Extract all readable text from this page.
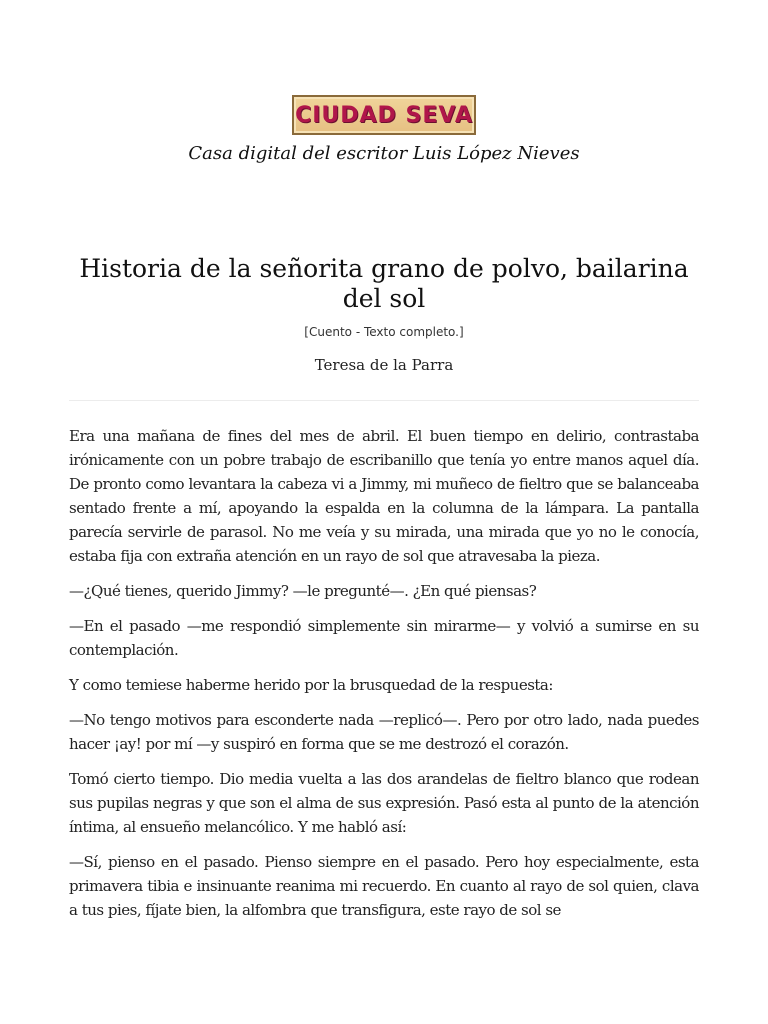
CIUDAD SEVA
Casa digital del escritor Luis López Nieves
Historia de la señorita grano de polvo, bailarina del sol
[Cuento - Texto completo.]
Teresa de la Parra

Era una mañana de fines del mes de abril. El buen tiempo en delirio, contrastaba irónicamente con un pobre trabajo de escribanillo que tenía yo entre manos aquel día. De pronto como levantara la cabeza vi a Jimmy, mi muñeco de fieltro que se balanceaba sentado frente a mí, apoyando la espalda en la columna de la lámpara. La pantalla parecía servirle de parasol. No me veía y su mirada, una mirada que yo no le conocía, estaba fija con extraña atención en un rayo de sol que atravesaba la pieza.

—¿Qué tienes, querido Jimmy? —le pregunté—. ¿En qué piensas?

—En el pasado —me respondió simplemente sin mirarme— y volvió a sumirse en su contemplación.

Y como temiese haberme herido por la brusquedad de la respuesta:

—No tengo motivos para esconderte nada —replicó—. Pero por otro lado, nada puedes hacer ¡ay! por mí —y suspiró en forma que se me destrozó el corazón.

Tomó cierto tiempo. Dio media vuelta a las dos arandelas de fieltro blanco que rodean sus pupilas negras y que son el alma de sus expresión. Pasó esta al punto de la atención íntima, al ensueño melancólico. Y me habló así:

—Sí, pienso en el pasado. Pienso siempre en el pasado. Pero hoy especialmente, esta primavera tibia e insinuante reanima mi recuerdo. En cuanto al rayo de sol quien, clava a tus pies, fíjate bien, la alfombra que transfigura, este rayo de sol se
